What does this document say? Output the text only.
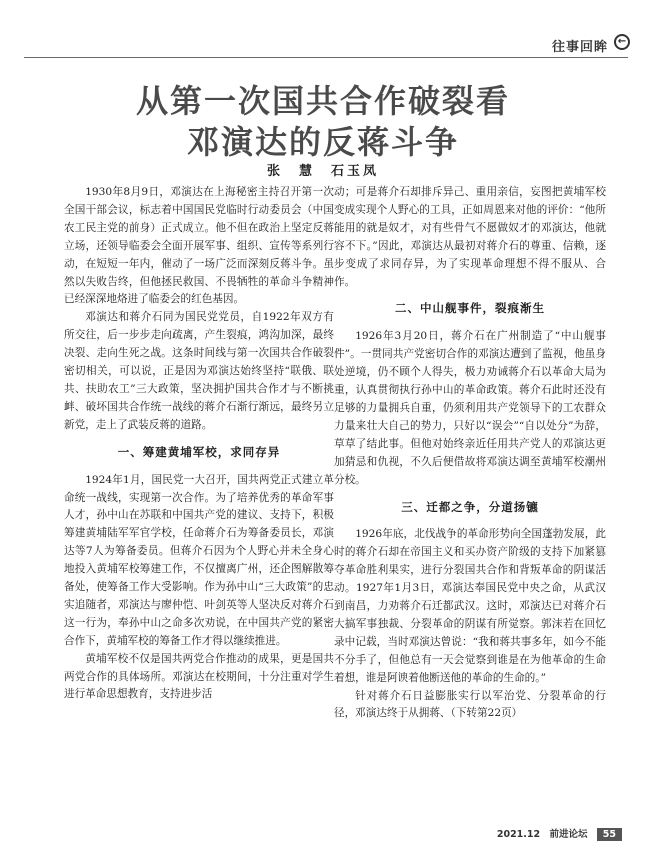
往事回眸 ←
从第一次国共合作破裂看
邓演达的反蒋斗争
张　慧　石玉凤

1930年8月9日，邓演达在上海秘密主持召开第一次全国干部会议，标志着中国国民党临时行动委员会（中国农工民主党的前身）正式成立。他不但在政治上坚定反蒋立场，还领导临委会全面开展军事、组织、宣传等系列行动，在短短一年内，催动了一场广泛而深刻反蒋斗争。虽然以失败告终，但他拯民救国、不畏牺牲的革命斗争精神已经深深地烙进了临委会的红色基因。

邓演达和蒋介石同为国民党党员，自1922年双方有所交往，后一步步走向疏离，产生裂痕，鸿沟加深，最终决裂、走向生死之战。这条时间线与第一次国共合作破裂密切相关，可以说，正是因为邓演达始终坚持“联俄、联共、扶助农工”三大政策，坚决拥护国共合作才与不断挑衅、破坏国共合作统一战线的蒋介石渐行渐远，最终另立新党，走上了武装反蒋的道路。

一、筹建黄埔军校，求同存异

1924年1月，国民党一大召开，国共两党正式建立革命统一战线，实现第一次合作。为了培养优秀的革命军事人才，孙中山在苏联和中国共产党的建议、支持下，积极筹建黄埔陆军军官学校，任命蒋介石为筹备委员长，邓演达等7人为筹备委员。但蒋介石因为个人野心并未全身心地投入黄埔军校筹建工作，不仅擅离广州，还企图解散筹备处，使筹备工作大受影响。作为孙中山“三大政策”的忠实追随者，邓演达与廖仲恺、叶剑英等人坚决反对蒋介石这一行为，奉孙中山之命多次劝说，在中国共产党的紧密合作下，黄埔军校的筹备工作才得以继续推进。

黄埔军校不仅是国共两党合作推动的成果，更是国共两党合作的具体场所。邓演达在校期间，十分注重对学生进行革命思想教育，支持进步活

动；可是蒋介石却排斥异己、重用亲信，妄图把黄埔军校变成实现个人野心的工具，正如周恩来对他的评价：“他所能用的就是奴才，对有些骨气不愿做奴才的邓演达，他就容不下。”因此，邓演达从最初对蒋介石的尊重、信赖，逐步变成了求同存异，为了实现革命理想不得不服从、合作。

二、中山舰事件，裂痕渐生

1926年3月20日，蒋介石在广州制造了“中山舰事件”。一贯同共产党密切合作的邓演达遭到了监视，他虽身处逆境，仍不顾个人得失，极力劝诫蒋介石以革命大局为重，认真贯彻执行孙中山的革命政策。蒋介石此时还没有足够的力量拥兵自重，仍须利用共产党领导下的工农群众力量来壮大自己的势力，只好以“误会”“自以处分”为辞，草草了结此事。但他对始终亲近任用共产党人的邓演达更加猜忌和仇视，不久后便借故将邓演达调至黄埔军校潮州分校。

三、迁都之争，分道扬镳

1926年底，北伐战争的革命形势向全国蓬勃发展，此时的蒋介石却在帝国主义和买办资产阶级的支持下加紧篡夺革命胜利果实，进行分裂国共合作和背叛革命的阴谋活动。1927年1月3日，邓演达奉国民党中央之命，从武汉到南昌，力劝蒋介石迁都武汉。这时，邓演达已对蒋介石大搞军事独裁、分裂革命的阴谋有所觉察。郭沫若在回忆录中记载，当时邓演达曾说：“我和蒋共事多年，如今不能不分手了，但他总有一天会觉察到谁是在为他革命的生命着想，谁是阿谀着他断送他的革命的生命的。”

针对蒋介石日益膨胀实行以军治党、分裂革命的行径，邓演达终于从拥蒋、（下转第22页）

2021.12 前进论坛 55
